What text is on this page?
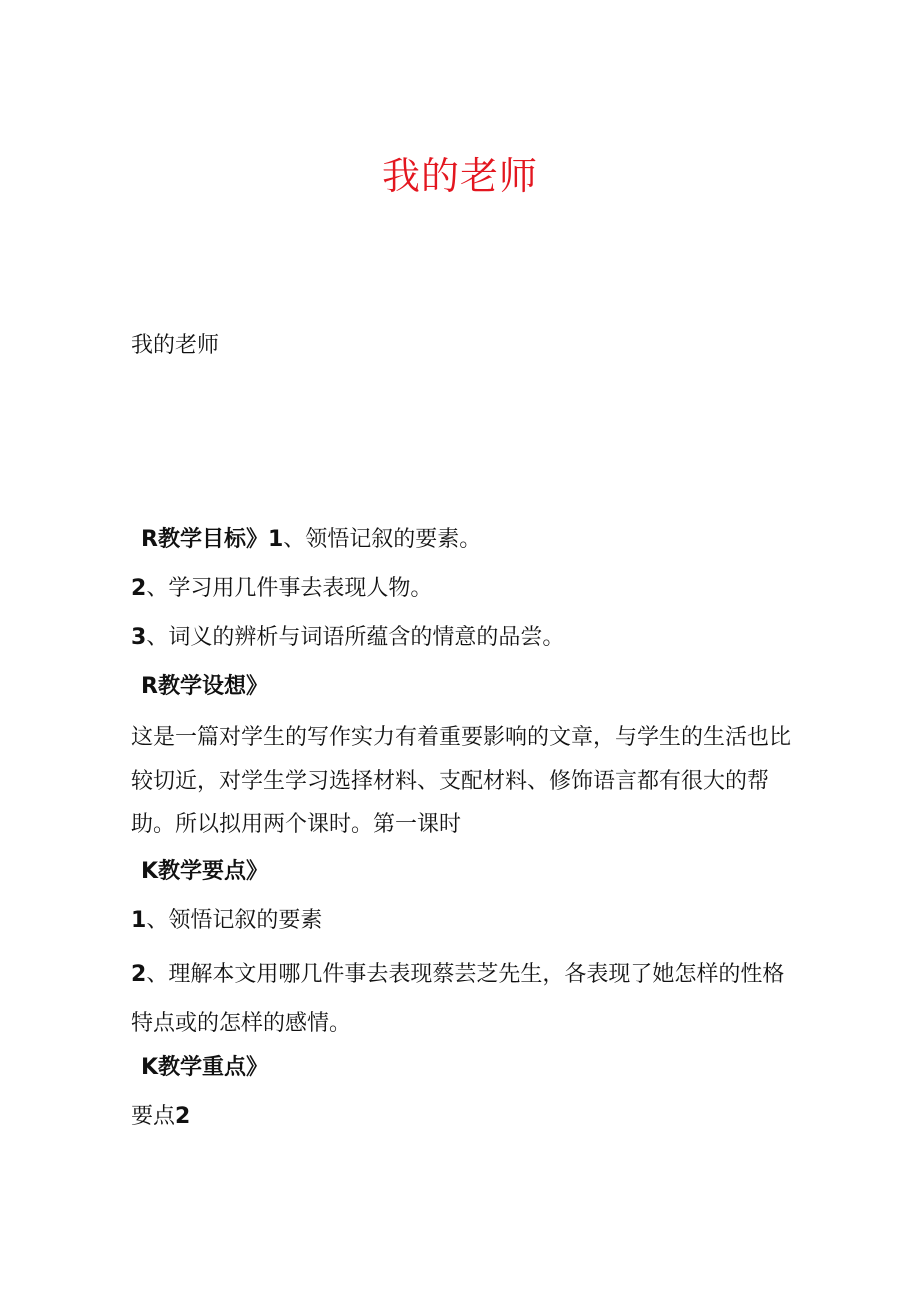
我的老师
我的老师
R教学目标》1、领悟记叙的要素。
2、学习用几件事去表现人物。
3、词义的辨析与词语所蕴含的情意的品尝。
R教学设想》

这是一篇对学生的写作实力有着重要影响的文章，与学生的生活也比较切近，对学生学习选择材料、支配材料、修饰语言都有很大的帮助。所以拟用两个课时。第一课时

K教学要点》
1、领悟记叙的要素

2、理解本文用哪几件事去表现蔡芸芝先生，各表现了她怎样的性格特点或的怎样的感情。

K教学重点》
要点2
